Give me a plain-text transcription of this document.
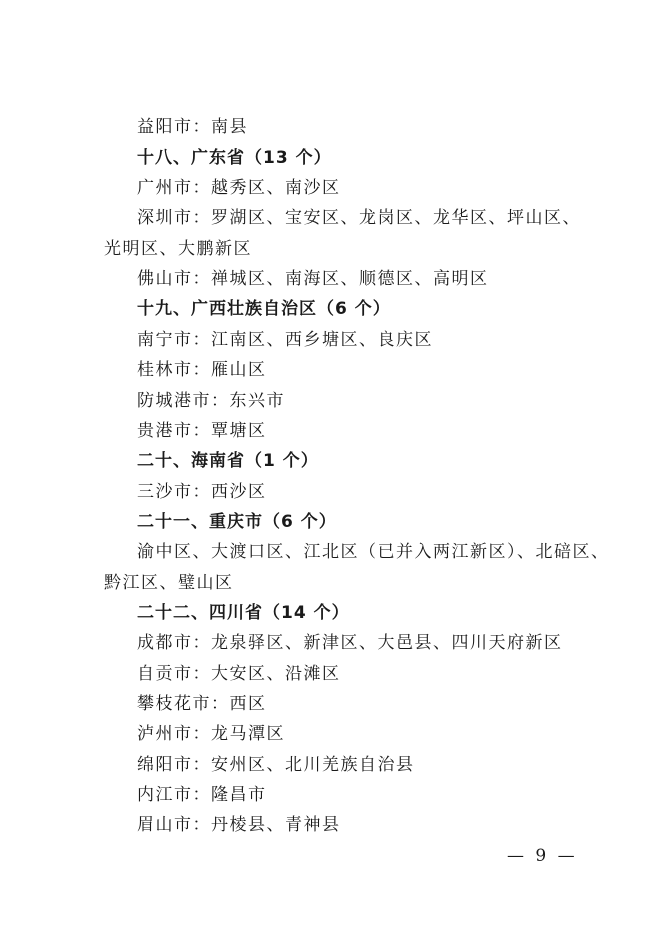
益阳市：南县
十八、广东省（13 个）
广州市：越秀区、南沙区
深圳市：罗湖区、宝安区、龙岗区、龙华区、坪山区、
光明区、大鹏新区
佛山市：禅城区、南海区、顺德区、高明区
十九、广西壮族自治区（6 个）
南宁市：江南区、西乡塘区、良庆区
桂林市：雁山区
防城港市：东兴市
贵港市：覃塘区
二十、海南省（1 个）
三沙市：西沙区
二十一、重庆市（6 个）
渝中区、大渡口区、江北区（已并入两江新区）、北碚区、
黔江区、璧山区
二十二、四川省（14 个）
成都市：龙泉驿区、新津区、大邑县、四川天府新区
自贡市：大安区、沿滩区
攀枝花市：西区
泸州市：龙马潭区
绵阳市：安州区、北川羌族自治县
内江市：隆昌市
眉山市：丹棱县、青神县
— 9 —
